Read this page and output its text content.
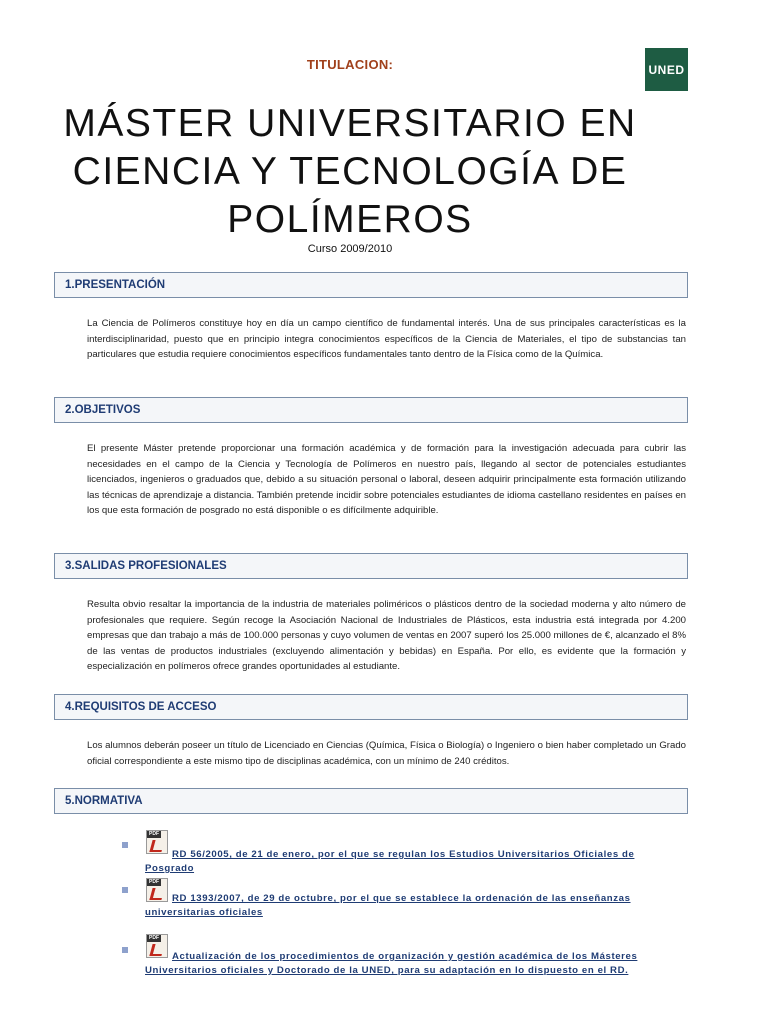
TITULACION:	UNED
MÁSTER UNIVERSITARIO EN CIENCIA Y TECNOLOGÍA DE POLÍMEROS
Curso 2009/2010
1.PRESENTACIÓN

La Ciencia de Polímeros constituye hoy en día un campo científico de fundamental interés. Una de sus principales características es la interdisciplinaridad, puesto que en principio integra conocimientos específicos de la Ciencia de Materiales, el tipo de substancias tan particulares que estudia requiere conocimientos específicos fundamentales tanto dentro de la Física como de la Química.

2.OBJETIVOS

El presente Máster pretende proporcionar una formación académica y de formación para la investigación adecuada para cubrir las necesidades en el campo de la Ciencia y Tecnología de Polímeros en nuestro país, llegando al sector de potenciales estudiantes licenciados, ingenieros o graduados que, debido a su situación personal o laboral, deseen adquirir principalmente esta formación utilizando las técnicas de aprendizaje a distancia. También pretende incidir sobre potenciales estudiantes de idioma castellano residentes en países en los que esta formación de posgrado no está disponible o es difícilmente adquirible.

3.SALIDAS PROFESIONALES

Resulta obvio resaltar la importancia de la industria de materiales poliméricos o plásticos dentro de la sociedad moderna y alto número de profesionales que requiere. Según recoge la Asociación Nacional de Industriales de Plásticos, esta industria está integrada por 4.200 empresas que dan trabajo a más de 100.000 personas y cuyo volumen de ventas en 2007 superó los 25.000 millones de €, alcanzado el 8% de las ventas de productos industriales (excluyendo alimentación y bebidas) en España. Por ello, es evidente que la formación y especialización en polímeros ofrece grandes oportunidades al estudiante.

4.REQUISITOS DE ACCESO

Los alumnos deberán poseer un título de Licenciado en Ciencias (Química, Física o Biología) o Ingeniero o bien haber completado un Grado oficial correspondiente a este mismo tipo de disciplinas académica, con un mínimo de 240 créditos.

5.NORMATIVA
PDF
RD 56/2005, de 21 de enero, por el que se regulan los Estudios Universitarios Oficiales de Posgrado
PDF
RD 1393/2007, de 29 de octubre, por el que se establece la ordenación de las enseñanzas universitarias oficiales
PDF
Actualización de los procedimientos de organización y gestión académica de los Másteres Universitarios oficiales y Doctorado de la UNED, para su adaptación en lo dispuesto en el RD.
